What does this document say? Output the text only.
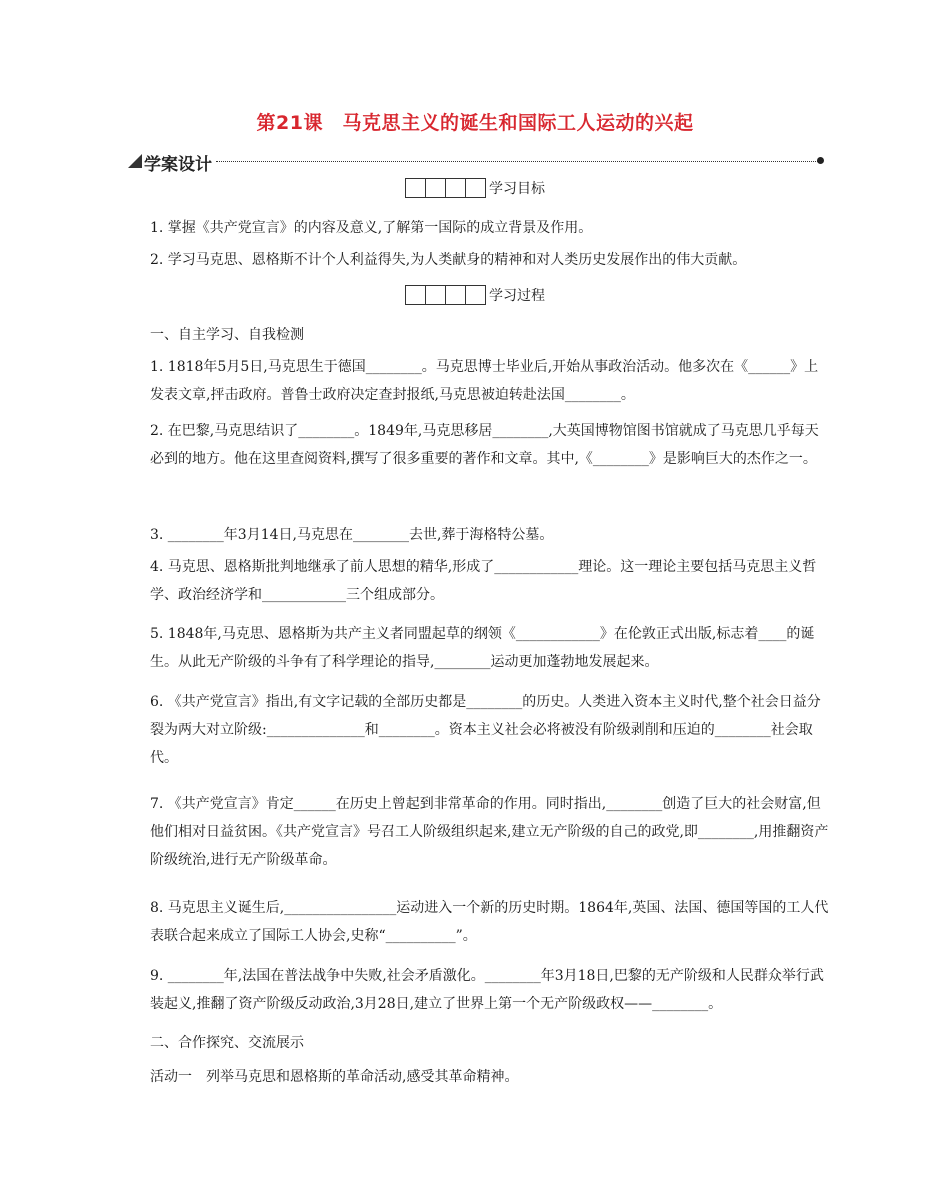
第21课　马克思主义的诞生和国际工人运动的兴起
学案设计
学习目标
1. 掌握《共产党宣言》的内容及意义,了解第一国际的成立背景及作用。
2. 学习马克思、恩格斯不计个人利益得失,为人类献身的精神和对人类历史发展作出的伟大贡献。
学习过程
一、自主学习、自我检测
1. 1818年5月5日,马克思生于德国________。马克思博士毕业后,开始从事政治活动。他多次在《______》上发表文章,抨击政府。普鲁士政府决定查封报纸,马克思被迫转赴法国________。
2. 在巴黎,马克思结识了________。1849年,马克思移居________,大英国博物馆图书馆就成了马克思几乎每天必到的地方。他在这里查阅资料,撰写了很多重要的著作和文章。其中,《________》是影响巨大的杰作之一。
3. ________年3月14日,马克思在________去世,葬于海格特公墓。
4. 马克思、恩格斯批判地继承了前人思想的精华,形成了____________理论。这一理论主要包括马克思主义哲学、政治经济学和____________三个组成部分。
5. 1848年,马克思、恩格斯为共产主义者同盟起草的纲领《____________》在伦敦正式出版,标志着____的诞生。从此无产阶级的斗争有了科学理论的指导,________运动更加蓬勃地发展起来。
6. 《共产党宣言》指出,有文字记载的全部历史都是________的历史。人类进入资本主义时代,整个社会日益分裂为两大对立阶级:______________和________。资本主义社会必将被没有阶级剥削和压迫的________社会取代。
7. 《共产党宣言》肯定______在历史上曾起到非常革命的作用。同时指出,________创造了巨大的社会财富,但他们相对日益贫困。《共产党宣言》号召工人阶级组织起来,建立无产阶级的自己的政党,即________,用推翻资产阶级统治,进行无产阶级革命。
8. 马克思主义诞生后,________________运动进入一个新的历史时期。1864年,英国、法国、德国等国的工人代表联合起来成立了国际工人协会,史称“__________”。
9. ________年,法国在普法战争中失败,社会矛盾激化。________年3月18日,巴黎的无产阶级和人民群众举行武装起义,推翻了资产阶级反动政治,3月28日,建立了世界上第一个无产阶级政权——________。
二、合作探究、交流展示
活动一　列举马克思和恩格斯的革命活动,感受其革命精神。
